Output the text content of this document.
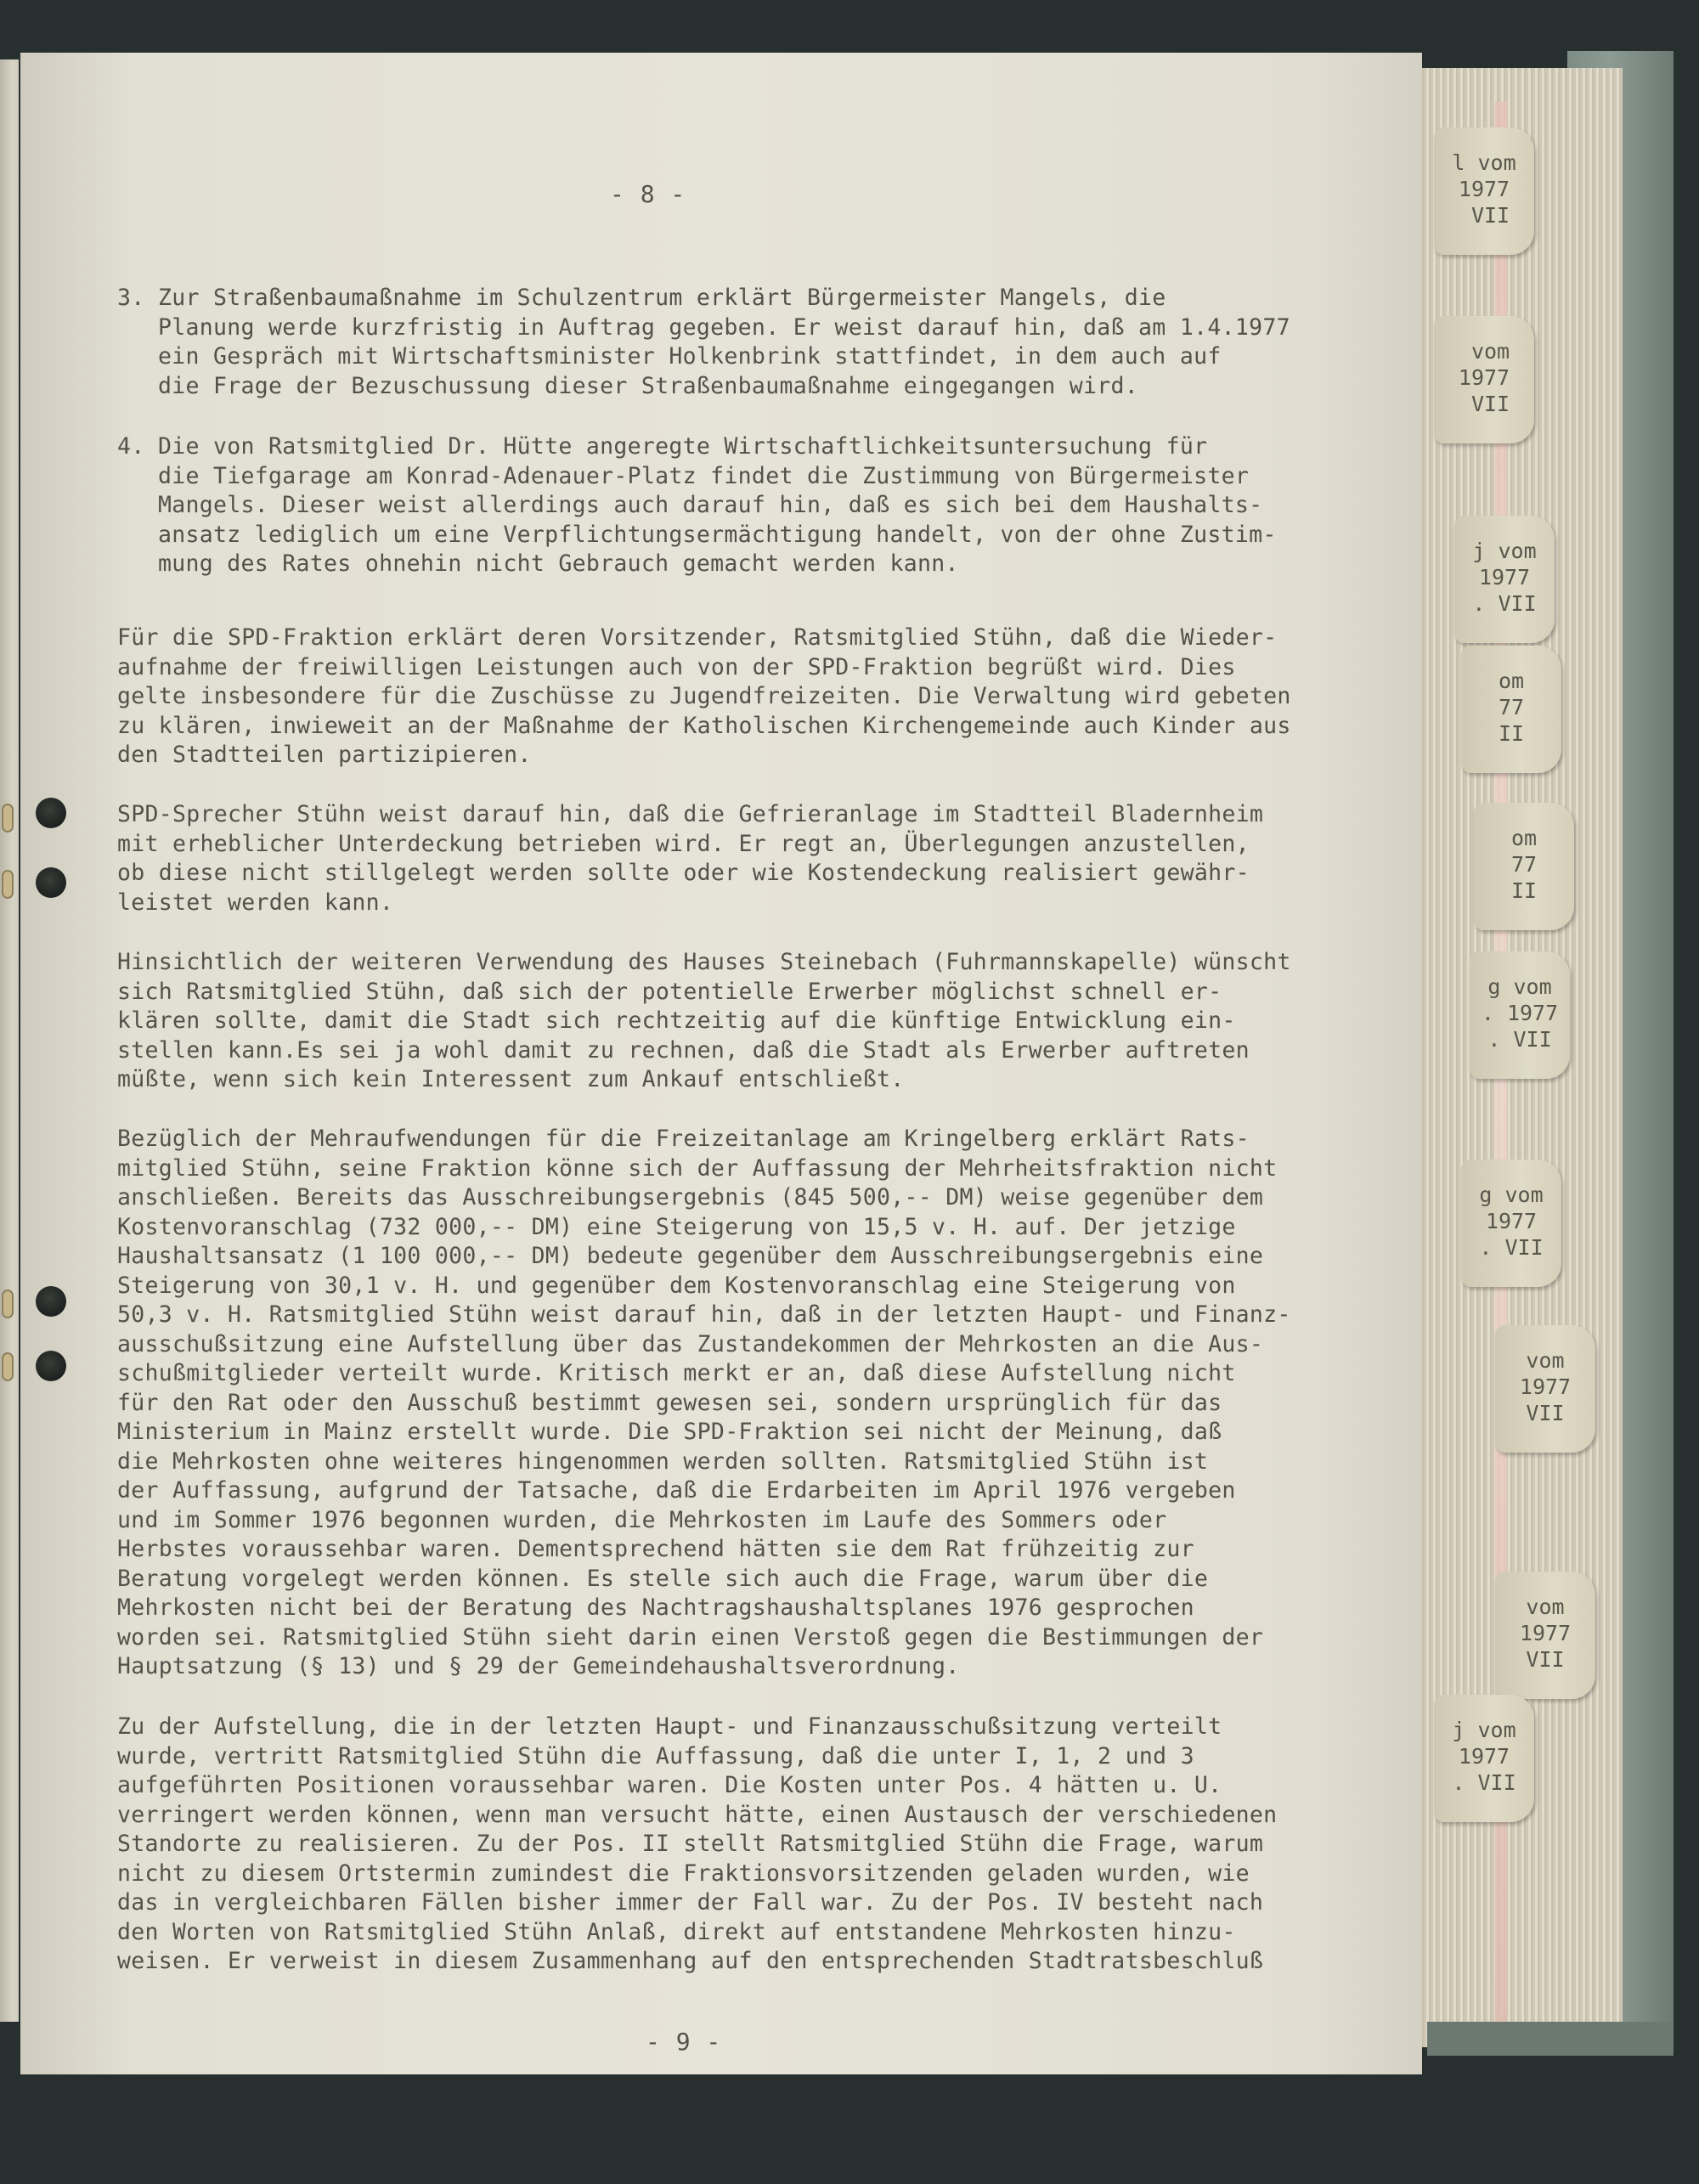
l vom
1977
VII
vom
1977
VII
j vom
1977
. VII
om
77
II
om
77
II
g vom
. 1977
. VII
g vom
1977
. VII
vom
1977
VII
vom
1977
VII
j vom
1977
. VII
- 8 -
3. Zur Straßenbaumaßnahme im Schulzentrum erklärt Bürgermeister Mangels, die
Planung werde kurzfristig in Auftrag gegeben. Er weist darauf hin, daß am 1.4.1977
ein Gespräch mit Wirtschaftsminister Holkenbrink stattfindet, in dem auch auf
die Frage der Bezuschussung dieser Straßenbaumaßnahme eingegangen wird.
4. Die von Ratsmitglied Dr. Hütte angeregte Wirtschaftlichkeitsuntersuchung für
die Tiefgarage am Konrad-Adenauer-Platz findet die Zustimmung von Bürgermeister
Mangels. Dieser weist allerdings auch darauf hin, daß es sich bei dem Haushalts-
ansatz lediglich um eine Verpflichtungsermächtigung handelt, von der ohne Zustim-
mung des Rates ohnehin nicht Gebrauch gemacht werden kann.
Für die SPD-Fraktion erklärt deren Vorsitzender, Ratsmitglied Stühn, daß die Wieder-
aufnahme der freiwilligen Leistungen auch von der SPD-Fraktion begrüßt wird. Dies
gelte insbesondere für die Zuschüsse zu Jugendfreizeiten. Die Verwaltung wird gebeten
zu klären, inwieweit an der Maßnahme der Katholischen Kirchengemeinde auch Kinder aus
den Stadtteilen partizipieren.
SPD-Sprecher Stühn weist darauf hin, daß die Gefrieranlage im Stadtteil Bladernheim
mit erheblicher Unterdeckung betrieben wird. Er regt an, Überlegungen anzustellen,
ob diese nicht stillgelegt werden sollte oder wie Kostendeckung realisiert gewähr-
leistet werden kann.
Hinsichtlich der weiteren Verwendung des Hauses Steinebach (Fuhrmannskapelle) wünscht
sich Ratsmitglied Stühn, daß sich der potentielle Erwerber möglichst schnell er-
klären sollte, damit die Stadt sich rechtzeitig auf die künftige Entwicklung ein-
stellen kann.Es sei ja wohl damit zu rechnen, daß die Stadt als Erwerber auftreten
müßte, wenn sich kein Interessent zum Ankauf entschließt.
Bezüglich der Mehraufwendungen für die Freizeitanlage am Kringelberg erklärt Rats-
mitglied Stühn, seine Fraktion könne sich der Auffassung der Mehrheitsfraktion nicht
anschließen. Bereits das Ausschreibungsergebnis (845 500,-- DM) weise gegenüber dem
Kostenvoranschlag (732 000,-- DM) eine Steigerung von 15,5 v. H. auf. Der jetzige
Haushaltsansatz (1 100 000,-- DM) bedeute gegenüber dem Ausschreibungsergebnis eine
Steigerung von 30,1 v. H. und gegenüber dem Kostenvoranschlag eine Steigerung von
50,3 v. H. Ratsmitglied Stühn weist darauf hin, daß in der letzten Haupt- und Finanz-
ausschußsitzung eine Aufstellung über das Zustandekommen der Mehrkosten an die Aus-
schußmitglieder verteilt wurde. Kritisch merkt er an, daß diese Aufstellung nicht
für den Rat oder den Ausschuß bestimmt gewesen sei, sondern ursprünglich für das
Ministerium in Mainz erstellt wurde. Die SPD-Fraktion sei nicht der Meinung, daß
die Mehrkosten ohne weiteres hingenommen werden sollten. Ratsmitglied Stühn ist
der Auffassung, aufgrund der Tatsache, daß die Erdarbeiten im April 1976 vergeben
und im Sommer 1976 begonnen wurden, die Mehrkosten im Laufe des Sommers oder
Herbstes voraussehbar waren. Dementsprechend hätten sie dem Rat frühzeitig zur
Beratung vorgelegt werden können. Es stelle sich auch die Frage, warum über die
Mehrkosten nicht bei der Beratung des Nachtragshaushaltsplanes 1976 gesprochen
worden sei. Ratsmitglied Stühn sieht darin einen Verstoß gegen die Bestimmungen der
Hauptsatzung (§ 13) und § 29 der Gemeindehaushaltsverordnung.
Zu der Aufstellung, die in der letzten Haupt- und Finanzausschußsitzung verteilt
wurde, vertritt Ratsmitglied Stühn die Auffassung, daß die unter I, 1, 2 und 3
aufgeführten Positionen voraussehbar waren. Die Kosten unter Pos. 4 hätten u. U.
verringert werden können, wenn man versucht hätte, einen Austausch der verschiedenen
Standorte zu realisieren. Zu der Pos. II stellt Ratsmitglied Stühn die Frage, warum
nicht zu diesem Ortstermin zumindest die Fraktionsvorsitzenden geladen wurden, wie
das in vergleichbaren Fällen bisher immer der Fall war. Zu der Pos. IV besteht nach
den Worten von Ratsmitglied Stühn Anlaß, direkt auf entstandene Mehrkosten hinzu-
weisen. Er verweist in diesem Zusammenhang auf den entsprechenden Stadtratsbeschluß
- 9 -
